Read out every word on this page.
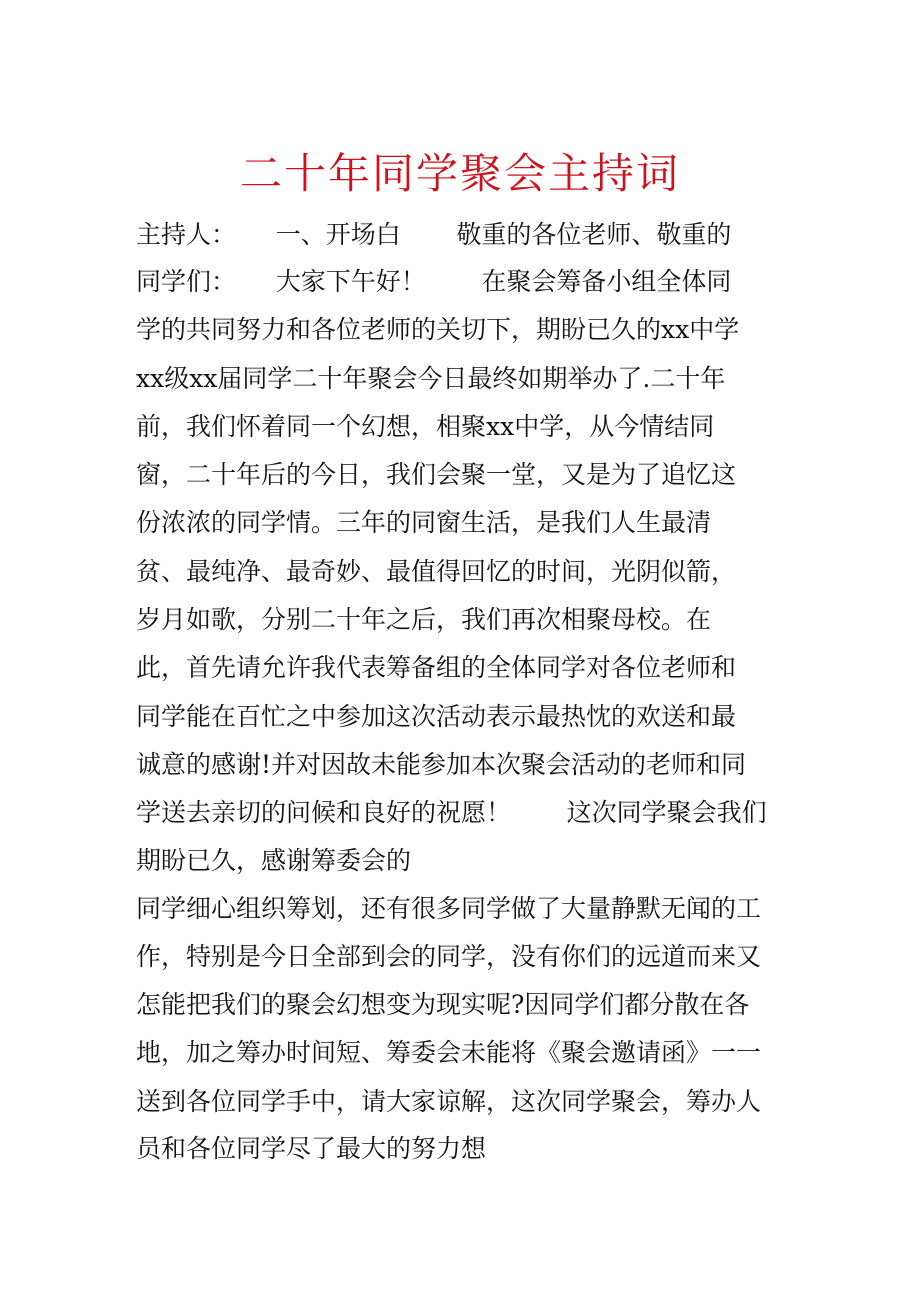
二十年同学聚会主持词

主持人：     一、开场白       敬重的各位老师、敬重的

同学们：     大家下午好！       在聚会筹备小组全体同

学的共同努力和各位老师的关切下，期盼已久的xx中学

xx级xx届同学二十年聚会今日最终如期举办了.二十年

前，我们怀着同一个幻想，相聚xx中学，从今情结同

窗，二十年后的今日，我们会聚一堂，又是为了追忆这

份浓浓的同学情。三年的同窗生活，是我们人生最清

贫、最纯净、最奇妙、最值得回忆的时间，光阴似箭，

岁月如歌，分别二十年之后，我们再次相聚母校。在

此，首先请允许我代表筹备组的全体同学对各位老师和

同学能在百忙之中参加这次活动表示最热忱的欢送和最

诚意的感谢!并对因故未能参加本次聚会活动的老师和同

学送去亲切的问候和良好的祝愿！       这次同学聚会我们

期盼已久，感谢筹委会的

同学细心组织筹划，还有很多同学做了大量静默无闻的工

作，特别是今日全部到会的同学，没有你们的远道而来又

怎能把我们的聚会幻想变为现实呢?因同学们都分散在各

地，加之筹办时间短、筹委会未能将《聚会邀请函》一一

送到各位同学手中，请大家谅解，这次同学聚会，筹办人

员和各位同学尽了最大的努力想
